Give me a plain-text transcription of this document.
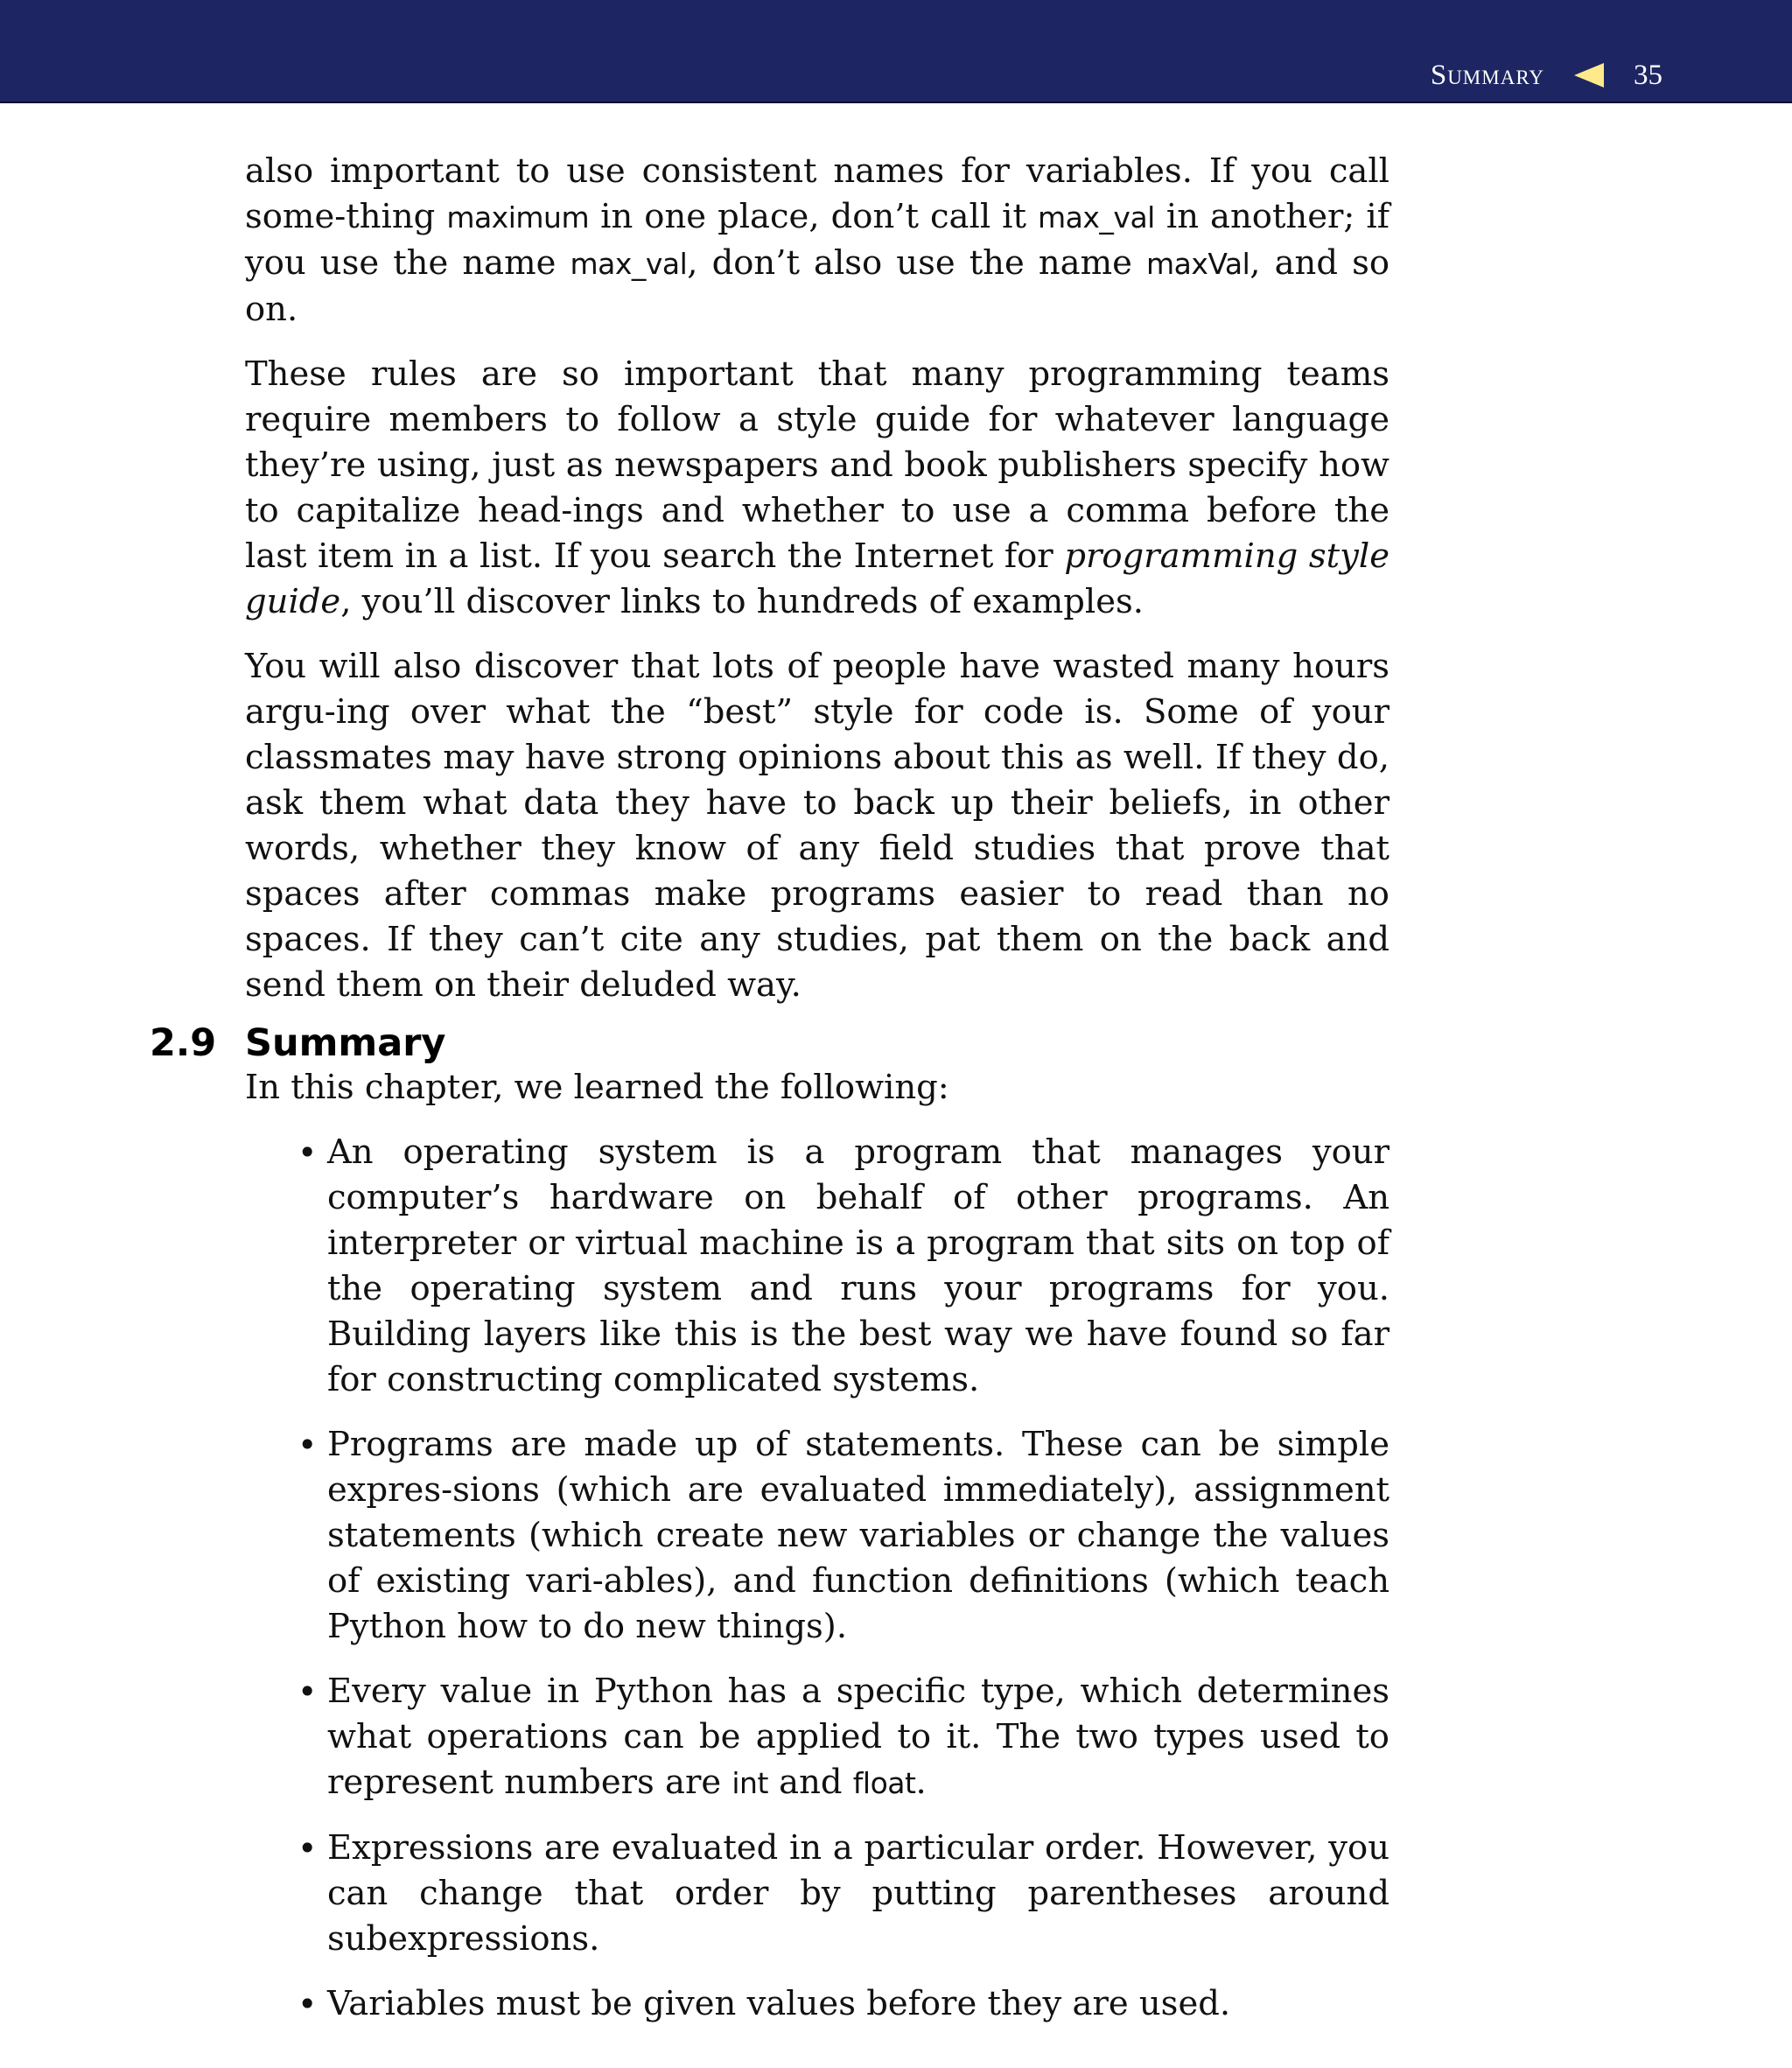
Summary	35

also important to use consistent names for variables. If you call some-thing maximum in one place, don’t call it max_val in another; if you use the name max_val, don’t also use the name maxVal, and so on.

These rules are so important that many programming teams require members to follow a style guide for whatever language they’re using, just as newspapers and book publishers specify how to capitalize head-ings and whether to use a comma before the last item in a list. If you search the Internet for programming style guide, you’ll discover links to hundreds of examples.

You will also discover that lots of people have wasted many hours argu-ing over what the “best” style for code is. Some of your classmates may have strong opinions about this as well. If they do, ask them what data they have to back up their beliefs, in other words, whether they know of any field studies that prove that spaces after commas make programs easier to read than no spaces. If they can’t cite any studies, pat them on the back and send them on their deluded way.

2.9 Summary

In this chapter, we learned the following:

• An operating system is a program that manages your computer’s hardware on behalf of other programs. An interpreter or virtual machine is a program that sits on top of the operating system and runs your programs for you. Building layers like this is the best way we have found so far for constructing complicated systems.
• Programs are made up of statements. These can be simple expres-sions (which are evaluated immediately), assignment statements (which create new variables or change the values of existing vari-ables), and function definitions (which teach Python how to do new things).
• Every value in Python has a specific type, which determines what operations can be applied to it. The two types used to represent numbers are int and float.
• Expressions are evaluated in a particular order. However, you can change that order by putting parentheses around subexpressions.
• Variables must be given values before they are used.
